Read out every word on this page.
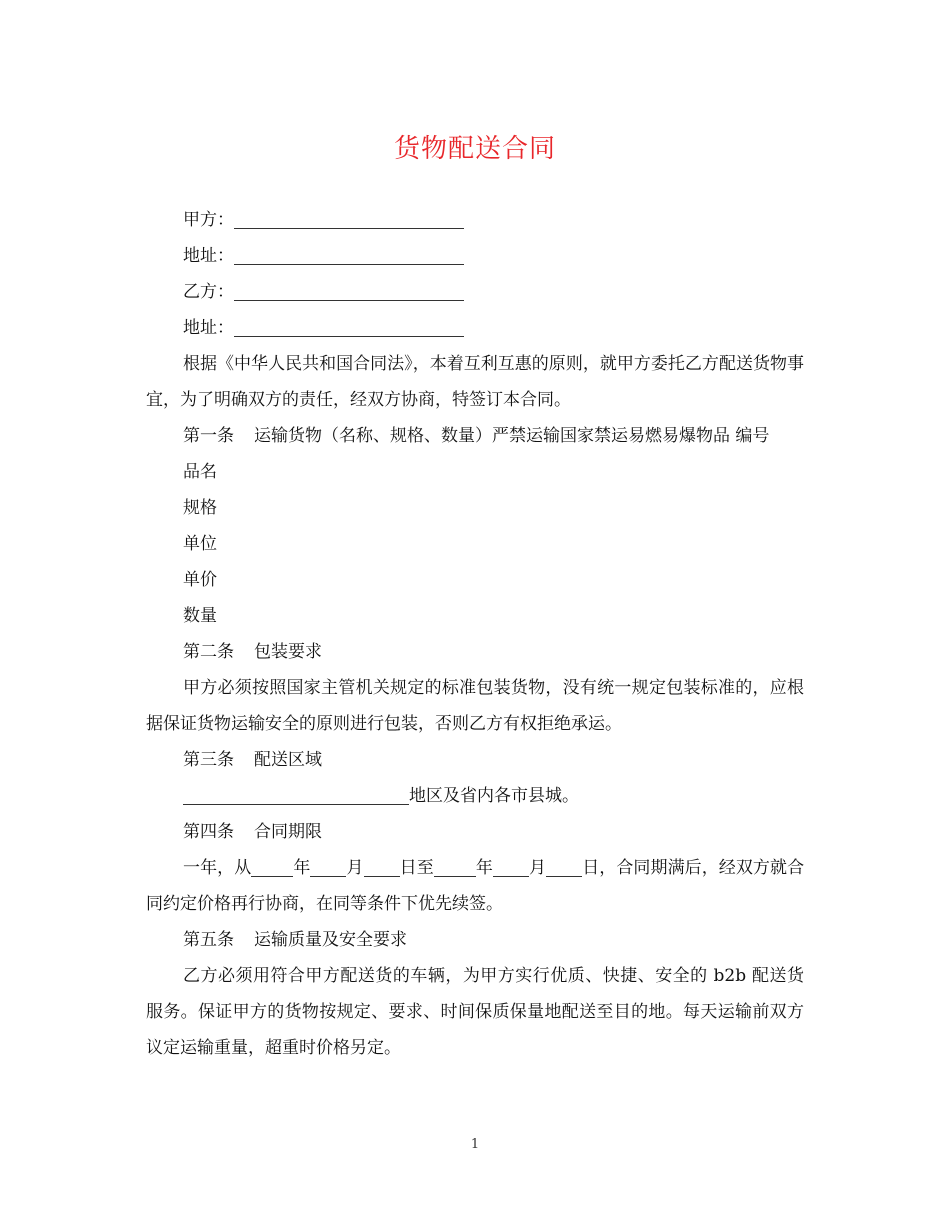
货物配送合同

甲方：

地址：

乙方：

地址：

根据《中华人民共和国合同法》，本着互利互惠的原则，就甲方委托乙方配送货物事宜，为了明确双方的责任，经双方协商，特签订本合同。

第一条 运输货物（名称、规格、数量）严禁运输国家禁运易燃易爆物品 编号

品名

规格

单位

单价

数量

第二条 包装要求

甲方必须按照国家主管机关规定的标准包装货物，没有统一规定包装标准的，应根据保证货物运输安全的原则进行包装，否则乙方有权拒绝承运。

第三条 配送区域

地区及省内各市县城。

第四条 合同期限

一年，从 年 月 日至 年 月 日，合同期满后，经双方就合同约定价格再行协商，在同等条件下优先续签。

第五条 运输质量及安全要求

乙方必须用符合甲方配送货的车辆，为甲方实行优质、快捷、安全的 b2b 配送货服务。保证甲方的货物按规定、要求、时间保质保量地配送至目的地。每天运输前双方议定运输重量，超重时价格另定。

1
